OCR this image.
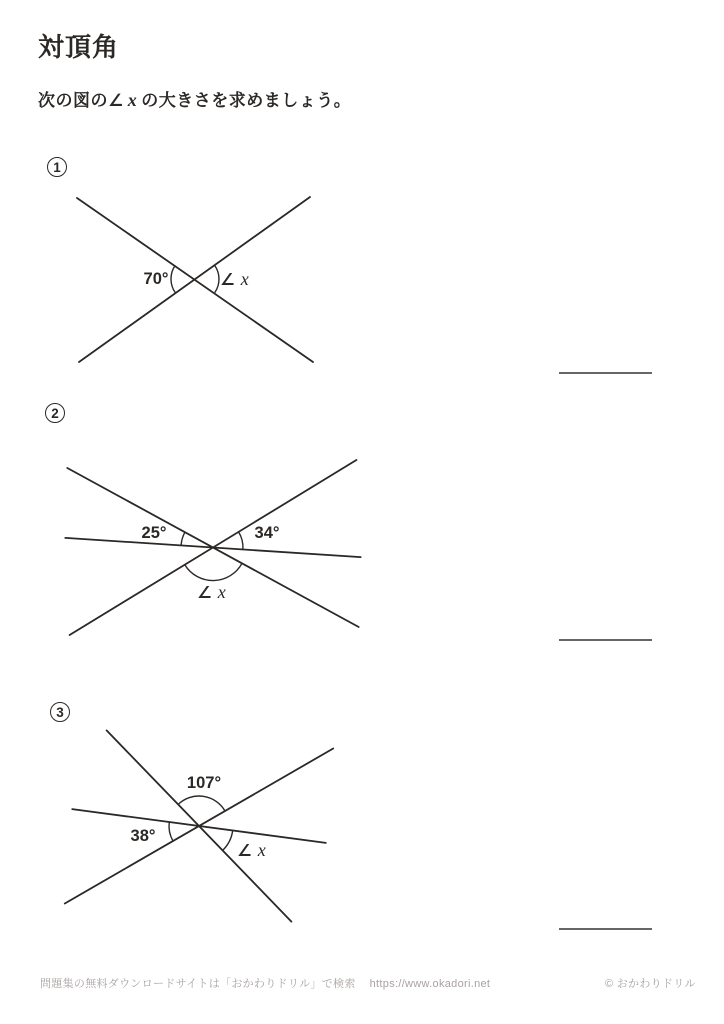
対頂角
次の図の∠ x の大きさを求めましょう。
1
70°	∠ x
2
25°	34°
∠ x
3
107°
38°
∠ x
問題集の無料ダウンロードサイトは「おかわりドリル」で検索 https://www.okadori.net	© おかわりドリル
